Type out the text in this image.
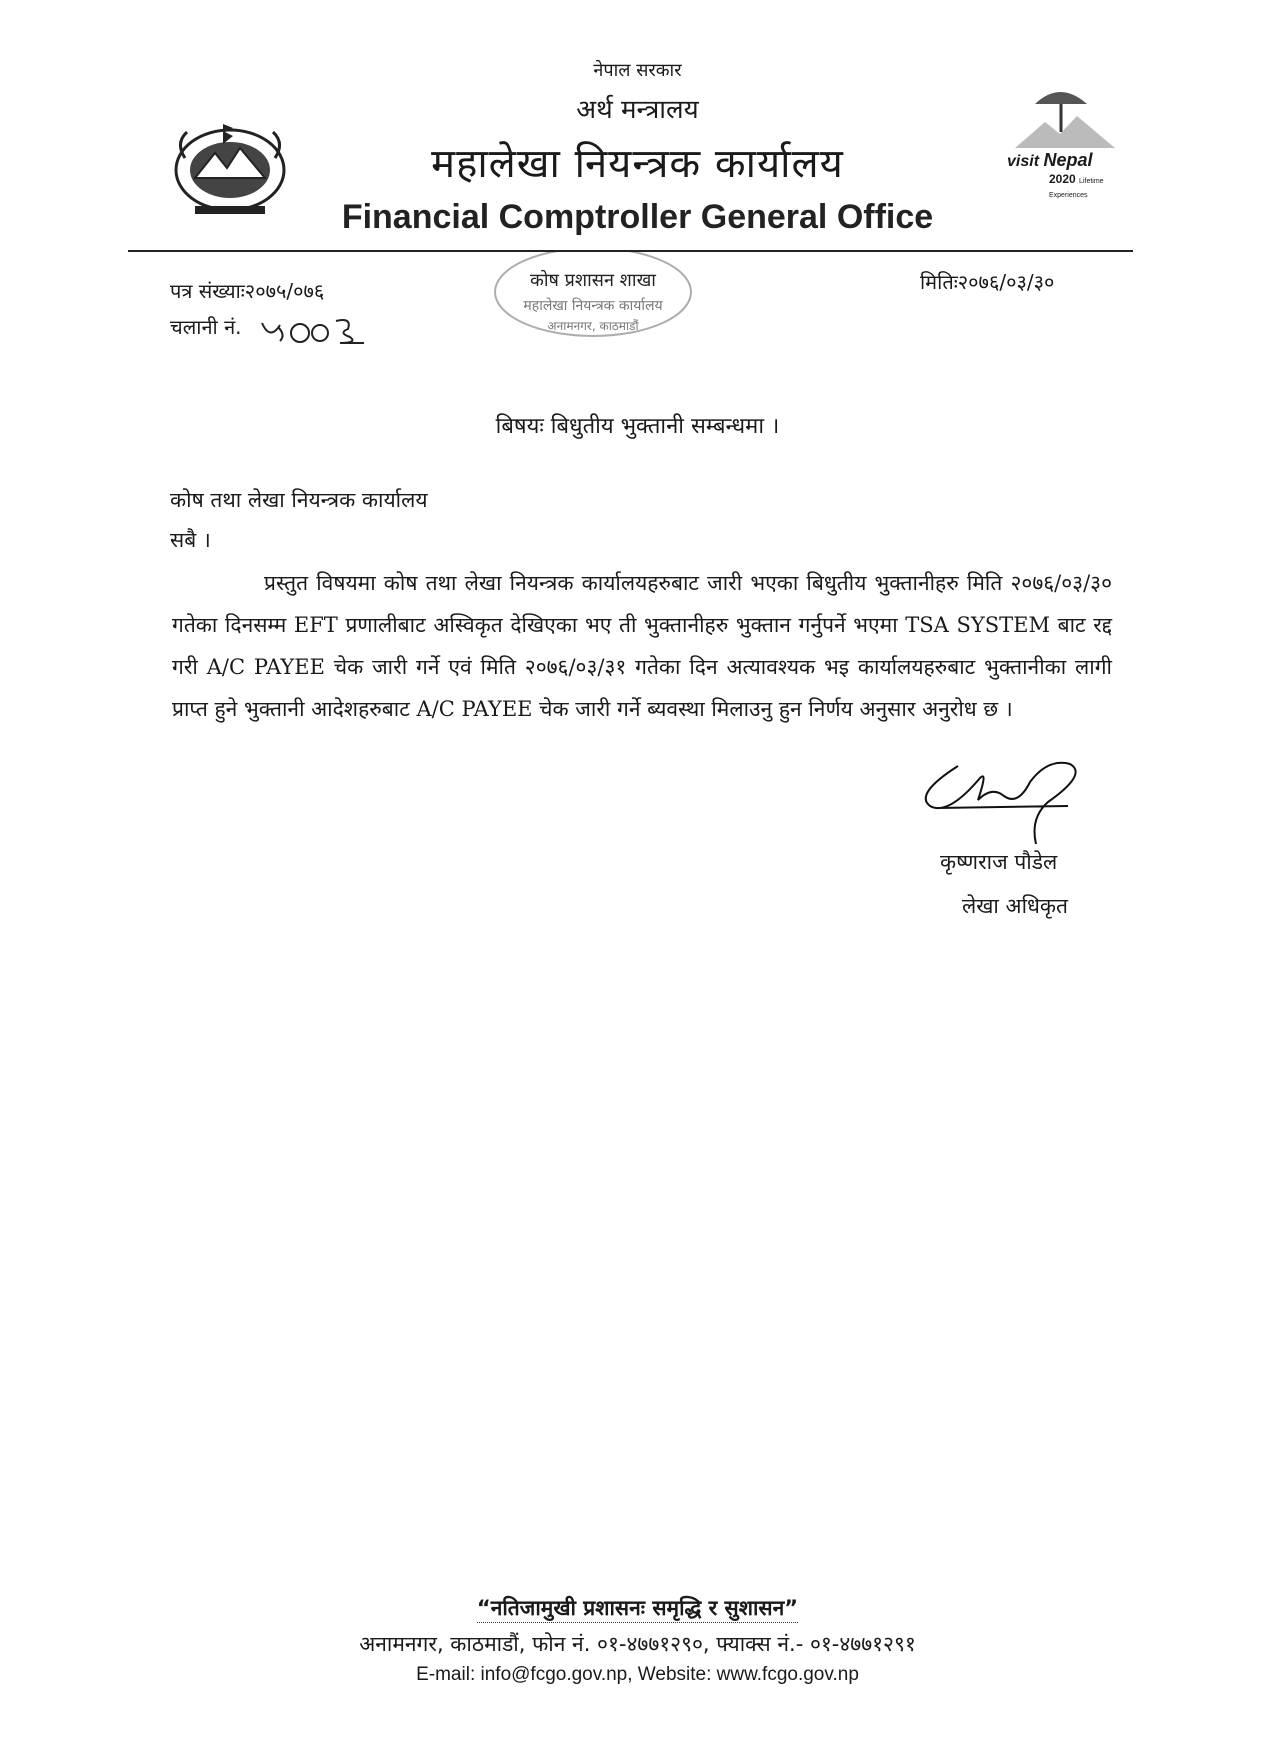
नेपाल सरकार
अर्थ मन्त्रालय
महालेखा नियन्त्रक कार्यालय
Financial Comptroller General Office
visit Nepal
2020 Lifetime Experiences
पत्र संख्याः२०७५/०७६
चलानी नं.
कोष प्रशासन शाखा
महालेखा नियन्त्रक कार्यालय
अनामनगर, काठमाडौं
मितिः२०७६/०३/३०
बिषयः बिधुतीय भुक्तानी सम्बन्धमा ।
कोष तथा लेखा नियन्त्रक कार्यालय
सबै ।
प्रस्तुत विषयमा कोष तथा लेखा नियन्त्रक कार्यालयहरुबाट जारी भएका बिधुतीय भुक्तानीहरु मिति २०७६/०३/३० गतेका दिनसम्म EFT प्रणालीबाट अस्विकृत देखिएका भए ती भुक्तानीहरु भुक्तान गर्नुपर्ने भएमा TSA SYSTEM बाट रद्द गरी A/C PAYEE चेक जारी गर्ने एवं मिति २०७६/०३/३१ गतेका दिन अत्यावश्यक भइ कार्यालयहरुबाट भुक्तानीका लागी प्राप्त हुने भुक्तानी आदेशहरुबाट A/C PAYEE चेक जारी गर्ने ब्यवस्था मिलाउनु हुन निर्णय अनुसार अनुरोध छ ।
कृष्णराज पौडेल
लेखा अधिकृत
“नतिजामुखी प्रशासनः समृद्धि र सुशासन”
अनामनगर, काठमाडौं, फोन नं. ०१-४७७१२९०, फ्याक्स नं.- ०१-४७७१२९१
E-mail: info@fcgo.gov.np, Website: www.fcgo.gov.np
